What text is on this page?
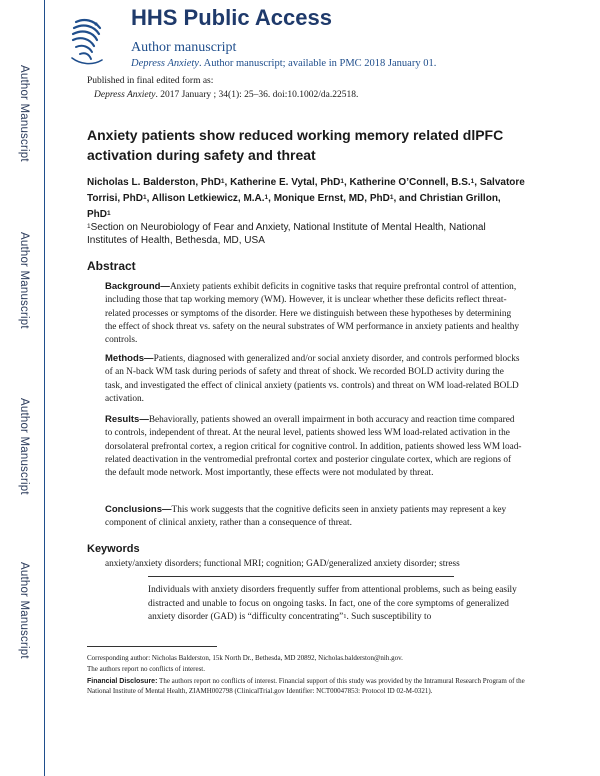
Author Manuscript
Author Manuscript
Author Manuscript
Author Manuscript
HHS Public Access
Author manuscript
Depress Anxiety. Author manuscript; available in PMC 2018 January 01.
Published in final edited form as:
Depress Anxiety. 2017 January ; 34(1): 25–36. doi:10.1002/da.22518.
Anxiety patients show reduced working memory related dlPFC activation during safety and threat
Nicholas L. Balderston, PhD$^1$, Katherine E. Vytal, PhD$^1$, Katherine O’Connell, B.S.$^1$, Salvatore Torrisi, PhD$^1$, Allison Letkiewicz, M.A.$^1$, Monique Ernst, MD, PhD$^1$, and Christian Grillon, PhD$^1$
$^1$Section on Neurobiology of Fear and Anxiety, National Institute of Mental Health, National Institutes of Health, Bethesda, MD, USA
Abstract
Background—Anxiety patients exhibit deficits in cognitive tasks that require prefrontal control of attention, including those that tap working memory (WM). However, it is unclear whether these deficits reflect threat-related processes or symptoms of the disorder. Here we distinguish between these hypotheses by determining the effect of shock threat vs. safety on the neural substrates of WM performance in anxiety patients and healthy controls.
Methods—Patients, diagnosed with generalized and/or social anxiety disorder, and controls performed blocks of an N-back WM task during periods of safety and threat of shock. We recorded BOLD activity during the task, and investigated the effect of clinical anxiety (patients vs. controls) and threat on WM load-related BOLD activation.
Results—Behaviorally, patients showed an overall impairment in both accuracy and reaction time compared to controls, independent of threat. At the neural level, patients showed less WM load-related activation in the dorsolateral prefrontal cortex, a region critical for cognitive control. In addition, patients showed less WM load-related deactivation in the ventromedial prefrontal cortex and posterior cingulate cortex, which are regions of the default mode network. Most importantly, these effects were not modulated by threat.
Conclusions—This work suggests that the cognitive deficits seen in anxiety patients may represent a key component of clinical anxiety, rather than a consequence of threat.
Keywords
anxiety/anxiety disorders; functional MRI; cognition; GAD/generalized anxiety disorder; stress
Individuals with anxiety disorders frequently suffer from attentional problems, such as being easily distracted and unable to focus on ongoing tasks. In fact, one of the core symptoms of generalized anxiety disorder (GAD) is “difficulty concentrating”$^1$. Such susceptibility to
Corresponding author: Nicholas Balderston, 15k North Dr., Bethesda, MD 20892, Nicholas.balderston@nih.gov.
The authors report no conflicts of interest.
Financial Disclosure: The authors report no conflicts of interest. Financial support of this study was provided by the Intramural Research Program of the National Institute of Mental Health, ZIAMH002798 (ClinicalTrial.gov Identifier: NCT00047853: Protocol ID 02-M-0321).
